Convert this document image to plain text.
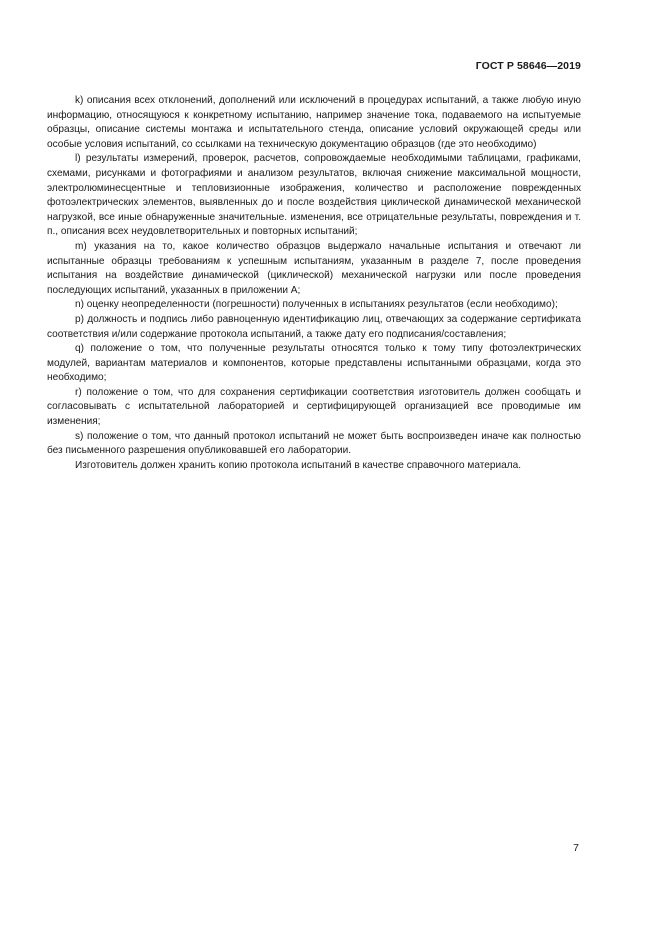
ГОСТ Р 58646—2019

k) описания всех отклонений, дополнений или исключений в процедурах испытаний, а также любую иную информацию, относящуюся к конкретному испытанию, например значение тока, подаваемого на испытуемые образцы, описание системы монтажа и испытательного стенда, описание условий окружающей среды или особые условия испытаний, со ссылками на техническую документацию образцов (где это необходимо)

l) результаты измерений, проверок, расчетов, сопровождаемые необходимыми таблицами, графиками, схемами, рисунками и фотографиями и анализом результатов, включая снижение максимальной мощности, электролюминесцентные и тепловизионные изображения, количество и расположение поврежденных фотоэлектрических элементов, выявленных до и после воздействия циклической динамической механической нагрузкой, все иные обнаруженные значительные. изменения, все отрицательные результаты, повреждения и т. п., описания всех неудовлетворительных и повторных испытаний;

m) указания на то, какое количество образцов выдержало начальные испытания и отвечают ли испытанные образцы требованиям к успешным испытаниям, указанным в разделе 7, после проведения испытания на воздействие динамической (циклической) механической нагрузки или после проведения последующих испытаний, указанных в приложении А;

n) оценку неопределенности (погрешности) полученных в испытаниях результатов (если необходимо);

p) должность и подпись либо равноценную идентификацию лиц, отвечающих за содержание сертификата соответствия и/или содержание протокола испытаний, а также дату его подписания/составления;

q) положение о том, что полученные результаты относятся только к тому типу фотоэлектрических модулей, вариантам материалов и компонентов, которые представлены испытанными образцами, когда это необходимо;

r) положение о том, что для сохранения сертификации соответствия изготовитель должен сообщать и согласовывать с испытательной лабораторией и сертифицирующей организацией все проводимые им изменения;

s) положение о том, что данный протокол испытаний не может быть воспроизведен иначе как полностью без письменного разрешения опубликовавшей его лаборатории.

Изготовитель должен хранить копию протокола испытаний в качестве справочного материала.

7
